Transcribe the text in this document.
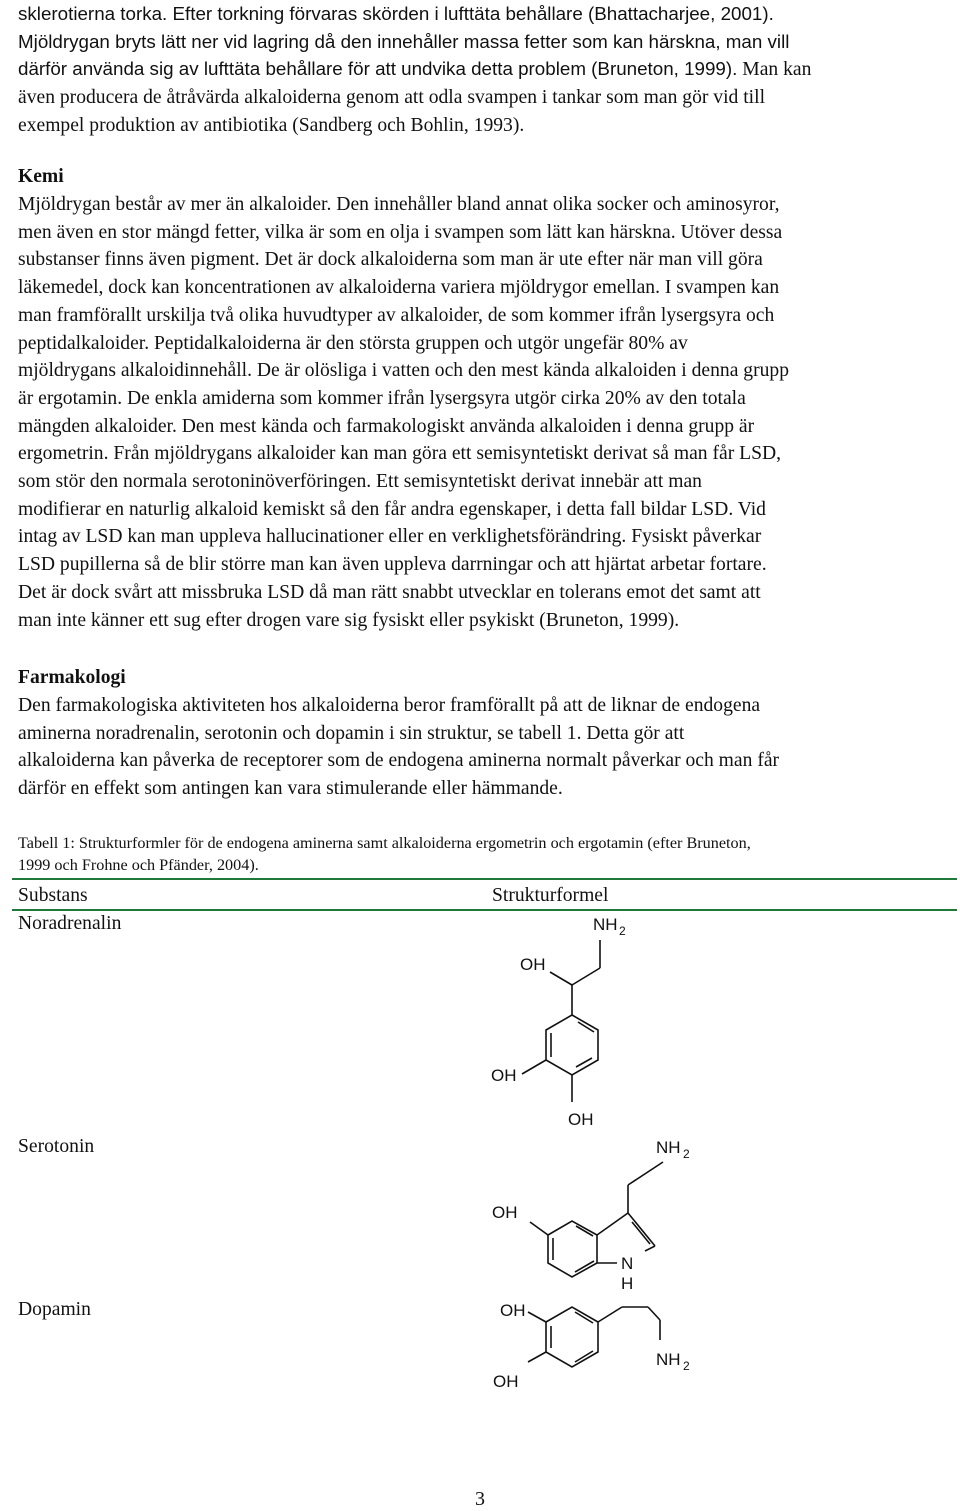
sklerotierna torka. Efter torkning förvaras skörden i lufttäta behållare (Bhattacharjee, 2001).
Mjöldrygan bryts lätt ner vid lagring då den innehåller massa fetter som kan härskna, man vill
därför använda sig av lufttäta behållare för att undvika detta problem (Bruneton, 1999). Man kan
även producera de åtråvärda alkaloiderna genom att odla svampen i tankar som man gör vid till
exempel produktion av antibiotika (Sandberg och Bohlin, 1993).

Kemi

Mjöldrygan består av mer än alkaloider. Den innehåller bland annat olika socker och aminosyror,
men även en stor mängd fetter, vilka är som en olja i svampen som lätt kan härskna. Utöver dessa
substanser finns även pigment. Det är dock alkaloiderna som man är ute efter när man vill göra
läkemedel, dock kan koncentrationen av alkaloiderna variera mjöldrygor emellan. I svampen kan
man framförallt urskilja två olika huvudtyper av alkaloider, de som kommer ifrån lysergsyra och
peptidalkaloider. Peptidalkaloiderna är den största gruppen och utgör ungefär 80% av
mjöldrygans alkaloidinnehåll. De är olösliga i vatten och den mest kända alkaloiden i denna grupp
är ergotamin. De enkla amiderna som kommer ifrån lysergsyra utgör cirka 20% av den totala
mängden alkaloider. Den mest kända och farmakologiskt använda alkaloiden i denna grupp är
ergometrin. Från mjöldrygans alkaloider kan man göra ett semisyntetiskt derivat så man får LSD,
som stör den normala serotoninöverföringen. Ett semisyntetiskt derivat innebär att man
modifierar en naturlig alkaloid kemiskt så den får andra egenskaper, i detta fall bildar LSD. Vid
intag av LSD kan man uppleva hallucinationer eller en verklighetsförändring. Fysiskt påverkar
LSD pupillerna så de blir större man kan även uppleva darrningar och att hjärtat arbetar fortare.
Det är dock svårt att missbruka LSD då man rätt snabbt utvecklar en tolerans emot det samt att
man inte känner ett sug efter drogen vare sig fysiskt eller psykiskt (Bruneton, 1999).

Farmakologi

Den farmakologiska aktiviteten hos alkaloiderna beror framförallt på att de liknar de endogena
aminerna noradrenalin, serotonin och dopamin i sin struktur, se tabell 1. Detta gör att
alkaloiderna kan påverka de receptorer som de endogena aminerna normalt påverkar och man får
därför en effekt som antingen kan vara stimulerande eller hämmande.

Tabell 1: Strukturformler för de endogena aminerna samt alkaloiderna ergometrin och ergotamin (efter Bruneton,
1999 och Frohne och Pfänder, 2004).

Substans	Strukturformel

Noradrenalin

Serotonin

Dopamin

NH 2
OH
OH
OH
NH 2
OH
N
H
OH
OH
NH 2

3
